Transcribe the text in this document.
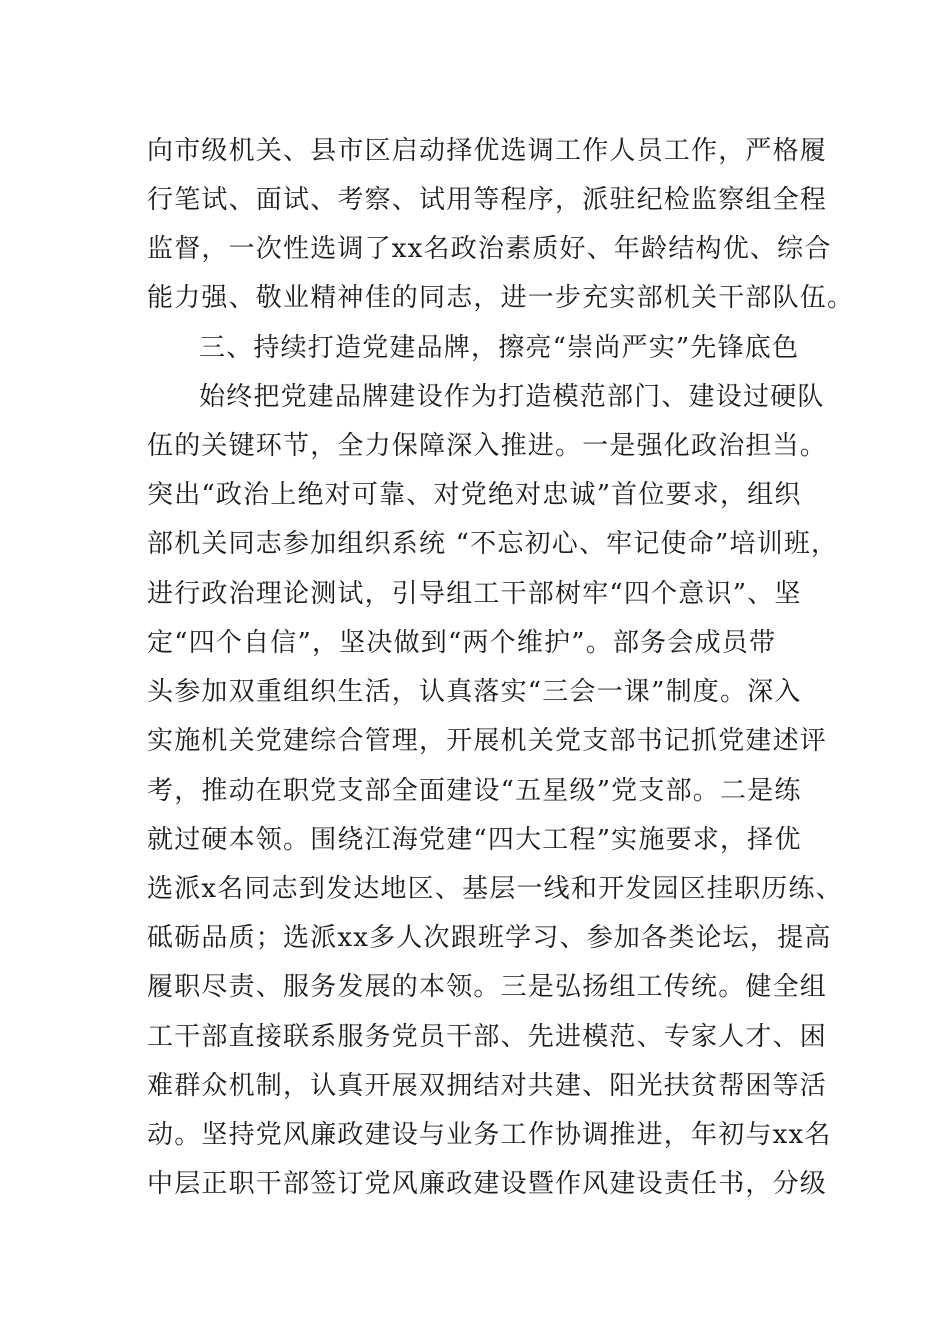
向市级机关、县市区启动择优选调工作人员工作，严格履
行笔试、面试、考察、试用等程序，派驻纪检监察组全程
监督，一次性选调了xx名政治素质好、年龄结构优、综合
能力强、敬业精神佳的同志，进一步充实部机关干部队伍。
三、持续打造党建品牌，擦亮“崇尚严实”先锋底色
始终把党建品牌建设作为打造模范部门、建设过硬队
伍的关键环节，全力保障深入推进。一是强化政治担当。
突出“政治上绝对可靠、对党绝对忠诚”首位要求，组织
部机关同志参加组织系统 “不忘初心、牢记使命”培训班，
进行政治理论测试，引导组工干部树牢“四个意识”、坚
定“四个自信”，坚决做到“两个维护”。部务会成员带
头参加双重组织生活，认真落实“三会一课”制度。深入
实施机关党建综合管理，开展机关党支部书记抓党建述评
考，推动在职党支部全面建设“五星级”党支部。二是练
就过硬本领。围绕江海党建“四大工程”实施要求，择优
选派x名同志到发达地区、基层一线和开发园区挂职历练、
砥砺品质；选派xx多人次跟班学习、参加各类论坛，提高
履职尽责、服务发展的本领。三是弘扬组工传统。健全组
工干部直接联系服务党员干部、先进模范、专家人才、困
难群众机制，认真开展双拥结对共建、阳光扶贫帮困等活
动。坚持党风廉政建设与业务工作协调推进，年初与xx名
中层正职干部签订党风廉政建设暨作风建设责任书，分级
